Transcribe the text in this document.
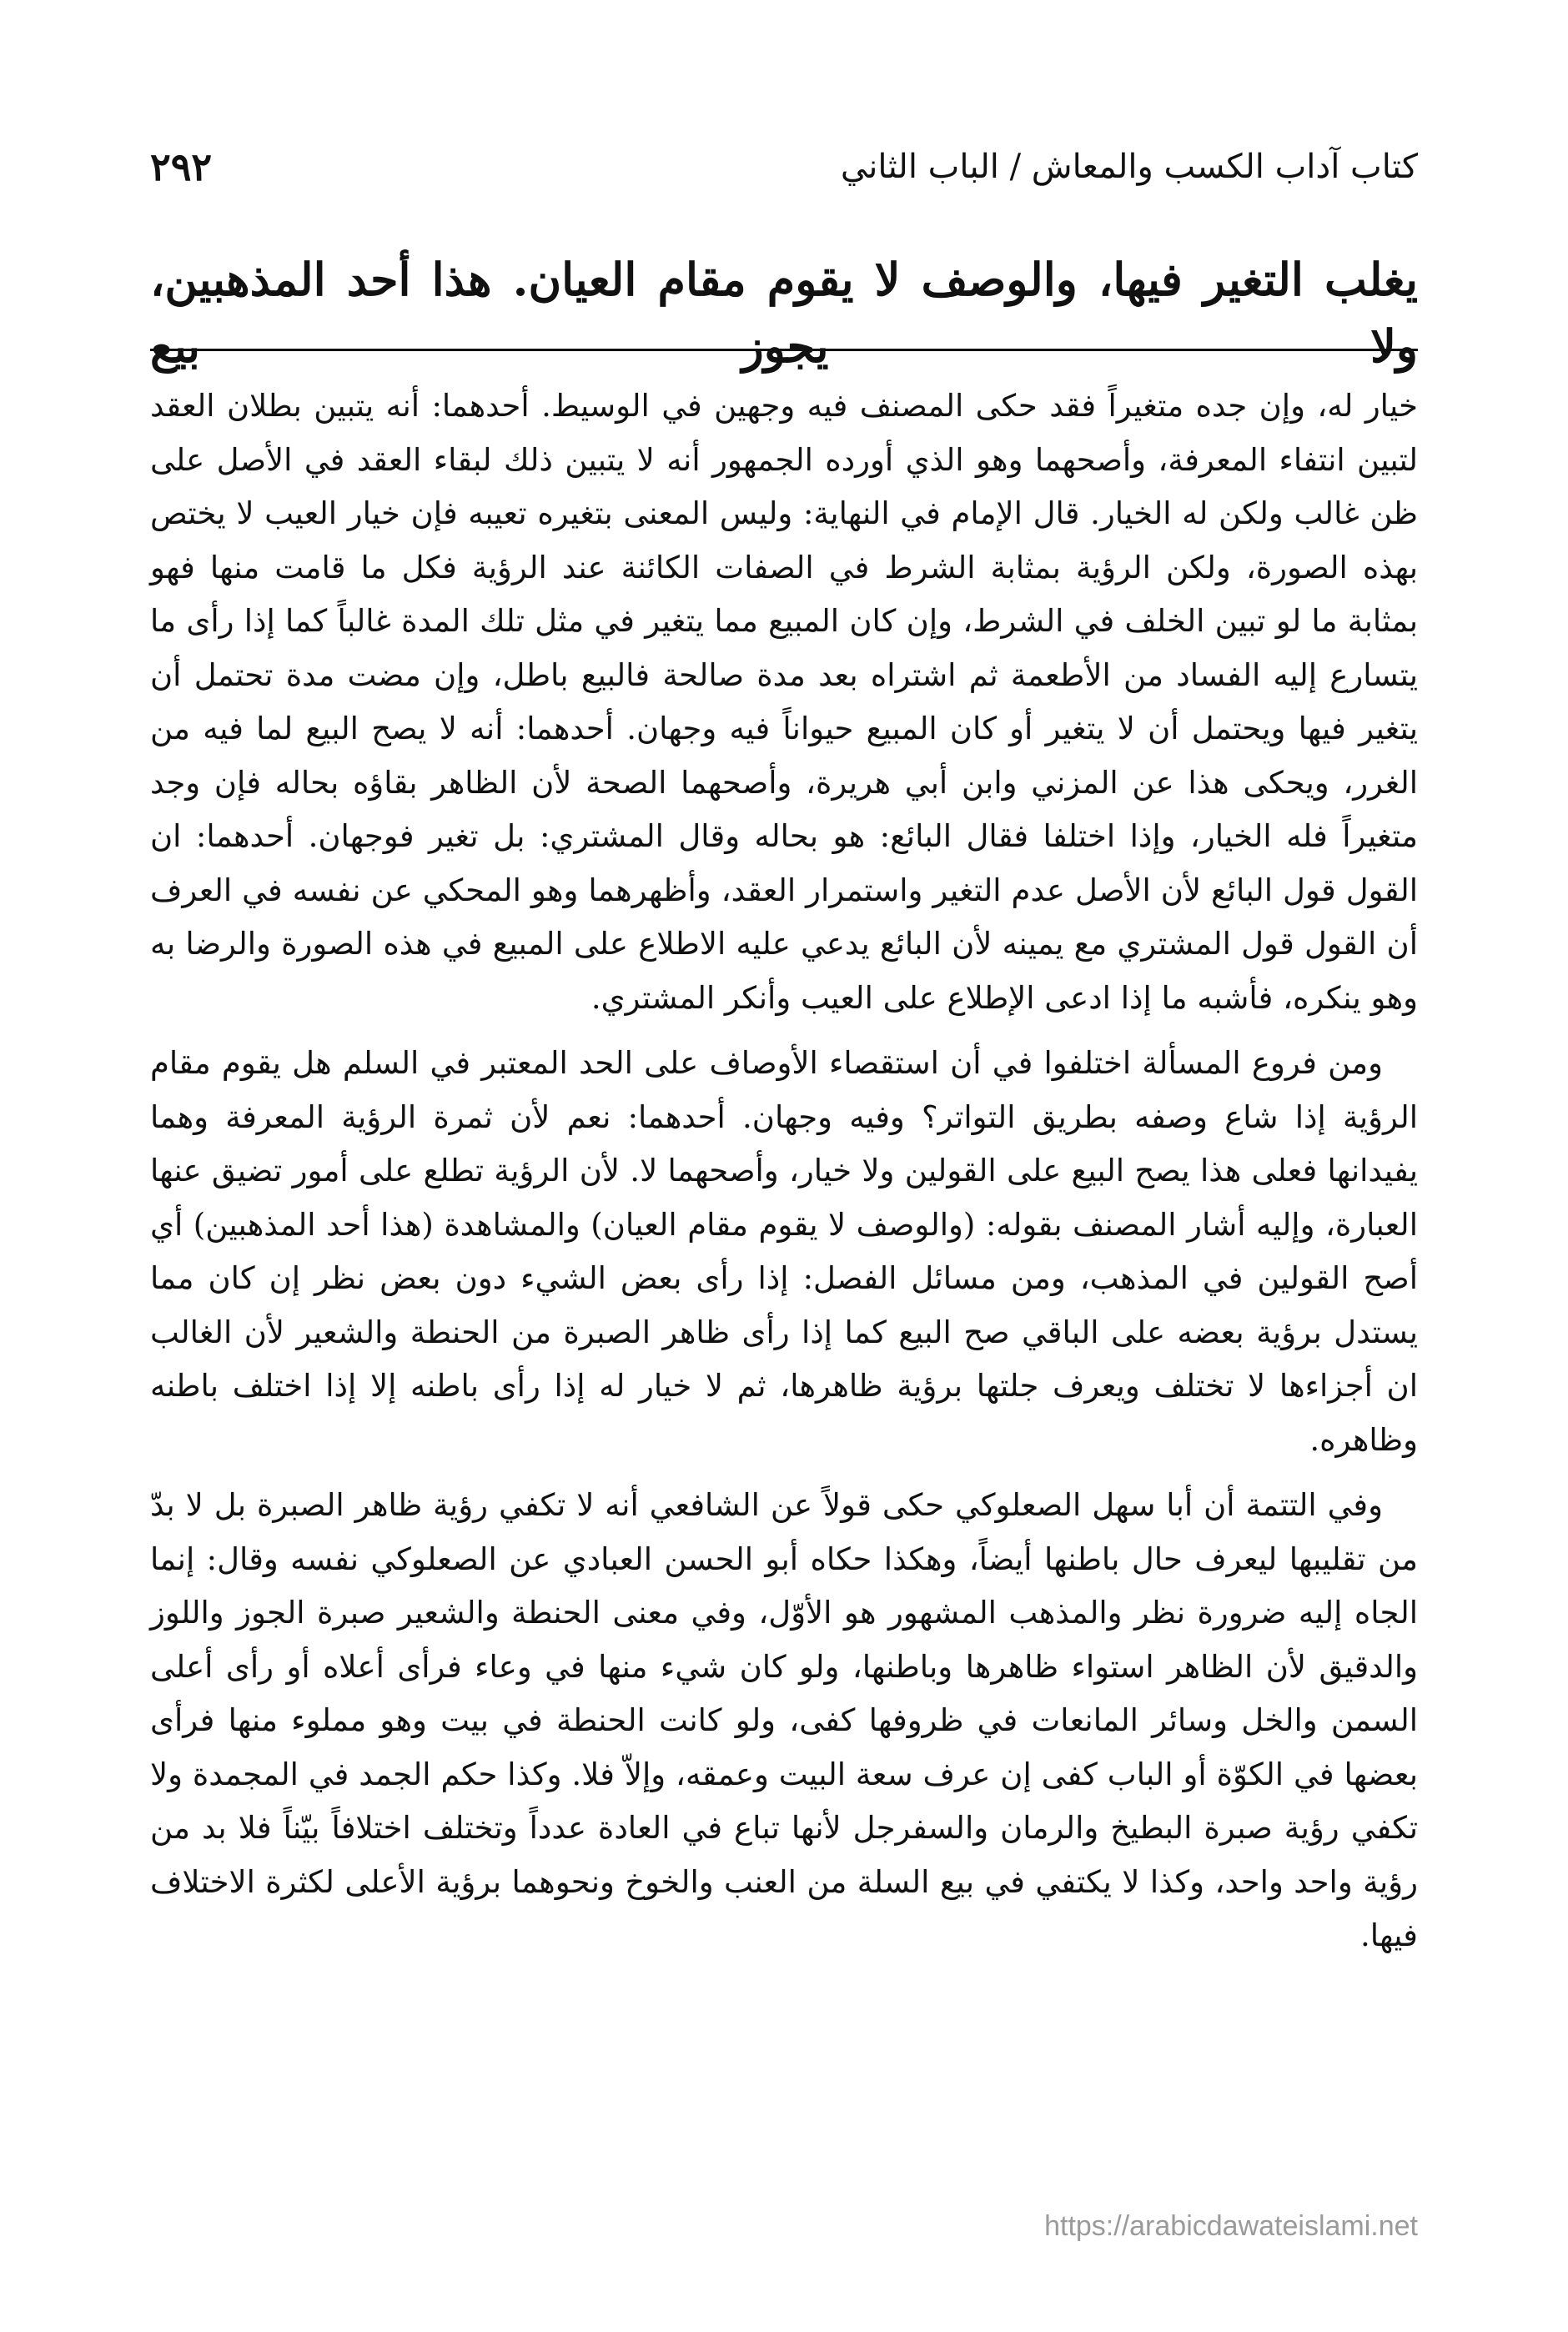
٢٩٢	كتاب آداب الكسب والمعاش / الباب الثاني
يغلب التغير فيها، والوصف لا يقوم مقام العيان. هذا أحد المذهبين، ولا يجوز بيع

خيار له، وإن جده متغيراً فقد حكى المصنف فيه وجهين في الوسيط. أحدهما: أنه يتبين بطلان العقد لتبين انتفاء المعرفة، وأصحهما وهو الذي أورده الجمهور أنه لا يتبين ذلك لبقاء العقد في الأصل على ظن غالب ولكن له الخيار. قال الإمام في النهاية: وليس المعنى بتغيره تعيبه فإن خيار العيب لا يختص بهذه الصورة، ولكن الرؤية بمثابة الشرط في الصفات الكائنة عند الرؤية فكل ما قامت منها فهو بمثابة ما لو تبين الخلف في الشرط، وإن كان المبيع مما يتغير في مثل تلك المدة غالباً كما إذا رأى ما يتسارع إليه الفساد من الأطعمة ثم اشتراه بعد مدة صالحة فالبيع باطل، وإن مضت مدة تحتمل أن يتغير فيها ويحتمل أن لا يتغير أو كان المبيع حيواناً فيه وجهان. أحدهما: أنه لا يصح البيع لما فيه من الغرر، ويحكى هذا عن المزني وابن أبي هريرة، وأصحهما الصحة لأن الظاهر بقاؤه بحاله فإن وجد متغيراً فله الخيار، وإذا اختلفا فقال البائع: هو بحاله وقال المشتري: بل تغير فوجهان. أحدهما: ان القول قول البائع لأن الأصل عدم التغير واستمرار العقد، وأظهرهما وهو المحكي عن نفسه في العرف أن القول قول المشتري مع يمينه لأن البائع يدعي عليه الاطلاع على المبيع في هذه الصورة والرضا به وهو ينكره، فأشبه ما إذا ادعى الإطلاع على العيب وأنكر المشتري.

ومن فروع المسألة اختلفوا في أن استقصاء الأوصاف على الحد المعتبر في السلم هل يقوم مقام الرؤية إذا شاع وصفه بطريق التواتر؟ وفيه وجهان. أحدهما: نعم لأن ثمرة الرؤية المعرفة وهما يفيدانها فعلى هذا يصح البيع على القولين ولا خيار، وأصحهما لا. لأن الرؤية تطلع على أمور تضيق عنها العبارة، وإليه أشار المصنف بقوله: (والوصف لا يقوم مقام العيان) والمشاهدة (هذا أحد المذهبين) أي أصح القولين في المذهب، ومن مسائل الفصل: إذا رأى بعض الشيء دون بعض نظر إن كان مما يستدل برؤية بعضه على الباقي صح البيع كما إذا رأى ظاهر الصبرة من الحنطة والشعير لأن الغالب ان أجزاءها لا تختلف ويعرف جلتها برؤية ظاهرها، ثم لا خيار له إذا رأى باطنه إلا إذا اختلف باطنه وظاهره.

وفي التتمة أن أبا سهل الصعلوكي حكى قولاً عن الشافعي أنه لا تكفي رؤية ظاهر الصبرة بل لا بدّ من تقليبها ليعرف حال باطنها أيضاً، وهكذا حكاه أبو الحسن العبادي عن الصعلوكي نفسه وقال: إنما الجاه إليه ضرورة نظر والمذهب المشهور هو الأوّل، وفي معنى الحنطة والشعير صبرة الجوز واللوز والدقيق لأن الظاهر استواء ظاهرها وباطنها، ولو كان شيء منها في وعاء فرأى أعلاه أو رأى أعلى السمن والخل وسائر المانعات في ظروفها كفى، ولو كانت الحنطة في بيت وهو مملوء منها فرأى بعضها في الكوّة أو الباب كفى إن عرف سعة البيت وعمقه، وإلاّ فلا. وكذا حكم الجمد في المجمدة ولا تكفي رؤية صبرة البطيخ والرمان والسفرجل لأنها تباع في العادة عدداً وتختلف اختلافاً بيّناً فلا بد من رؤية واحد واحد، وكذا لا يكتفي في بيع السلة من العنب والخوخ ونحوهما برؤية الأعلى لكثرة الاختلاف فيها.

https://arabicdawateislami.net
